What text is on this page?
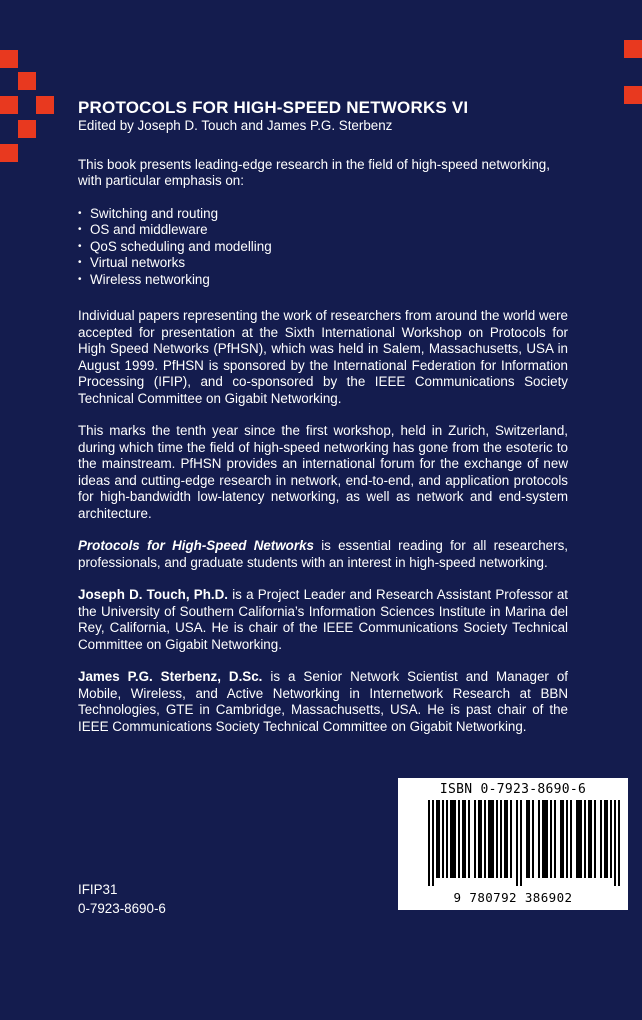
PROTOCOLS FOR HIGH-SPEED NETWORKS VI
Edited by Joseph D. Touch and James P.G. Sterbenz

This book presents leading-edge research in the field of high-speed networking, with particular emphasis on:

• Switching and routing
• OS and middleware
• QoS scheduling and modelling
• Virtual networks
• Wireless networking

Individual papers representing the work of researchers from around the world were accepted for presentation at the Sixth International Workshop on Protocols for High Speed Networks (PfHSN), which was held in Salem, Massachusetts, USA in August 1999. PfHSN is sponsored by the International Federation for Information Processing (IFIP), and co-sponsored by the IEEE Communications Society Technical Committee on Gigabit Networking.

This marks the tenth year since the first workshop, held in Zurich, Switzerland, during which time the field of high-speed networking has gone from the esoteric to the mainstream. PfHSN provides an international forum for the exchange of new ideas and cutting-edge research in network, end-to-end, and application protocols for high-bandwidth low-latency networking, as well as network and end-system architecture.

Protocols for High-Speed Networks is essential reading for all researchers, professionals, and graduate students with an interest in high-speed networking.

Joseph D. Touch, Ph.D. is a Project Leader and Research Assistant Professor at the University of Southern California’s Information Sciences Institute in Marina del Rey, California, USA. He is chair of the IEEE Communications Society Technical Committee on Gigabit Networking.

James P.G. Sterbenz, D.Sc. is a Senior Network Scientist and Manager of Mobile, Wireless, and Active Networking in Internetwork Research at BBN Technologies, GTE in Cambridge, Massachusetts, USA. He is past chair of the IEEE Communications Society Technical Committee on Gigabit Networking.

ISBN 0-7923-8690-6
9 780792 386902
IFIP31
0-7923-8690-6
